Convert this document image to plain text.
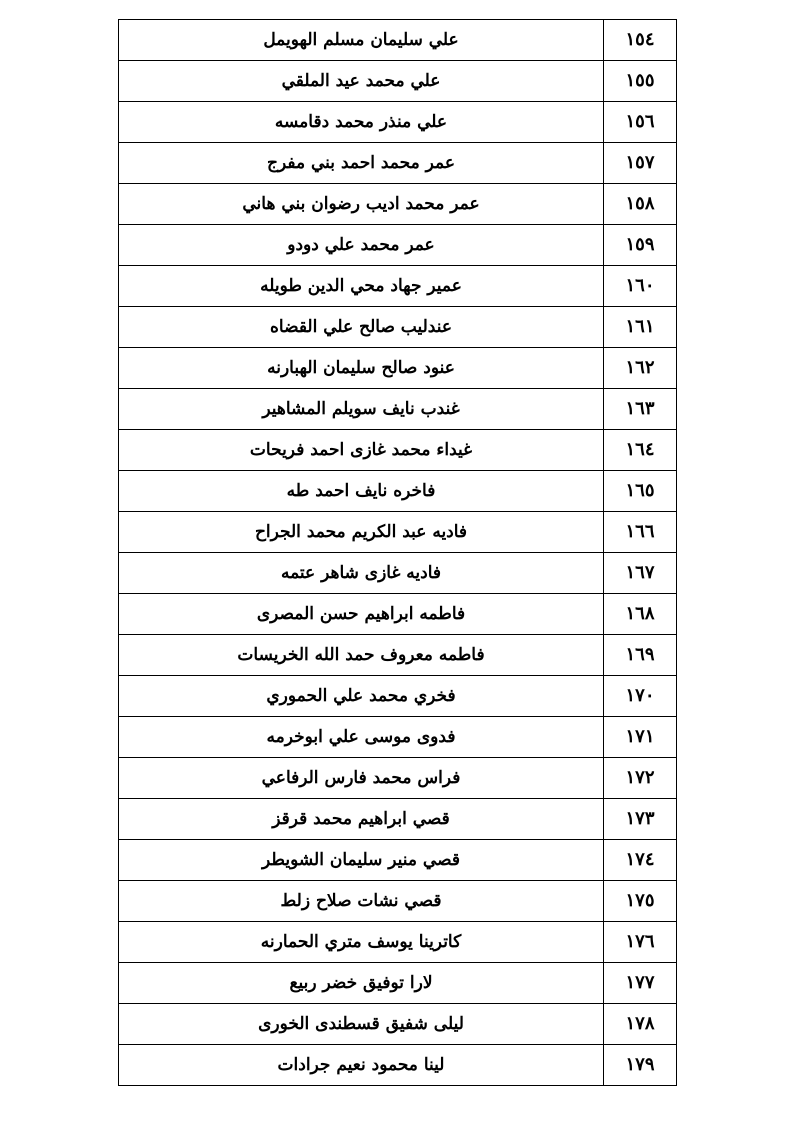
١٥٤	علي سليمان مسلم الهويمل
١٥٥	علي محمد عيد الملقي
١٥٦	علي منذر محمد دقامسه
١٥٧	عمر محمد احمد بني مفرج
١٥٨	عمر محمد اديب رضوان بني هاني
١٥٩	عمر محمد علي دودو
١٦٠	عمير جهاد محي الدين طويله
١٦١	عندليب صالح علي القضاه
١٦٢	عنود صالح سليمان الهبارنه
١٦٣	غندب نايف سويلم المشاهير
١٦٤	غيداء محمد غازى احمد فريحات
١٦٥	فاخره نايف احمد طه
١٦٦	فاديه عبد الكريم محمد الجراح
١٦٧	فاديه غازى شاهر عتمه
١٦٨	فاطمه ابراهيم حسن المصرى
١٦٩	فاطمه معروف حمد الله الخريسات
١٧٠	فخري محمد علي الحموري
١٧١	فدوى موسى علي ابوخرمه
١٧٢	فراس محمد فارس الرفاعي
١٧٣	قصي ابراهيم محمد قرقز
١٧٤	قصي منير سليمان الشويطر
١٧٥	قصي نشات صلاح زلط
١٧٦	كاترينا يوسف متري الحمارنه
١٧٧	لارا توفيق خضر ربيع
١٧٨	ليلى شفيق قسطندى الخورى
١٧٩	لينا محمود نعيم جرادات
